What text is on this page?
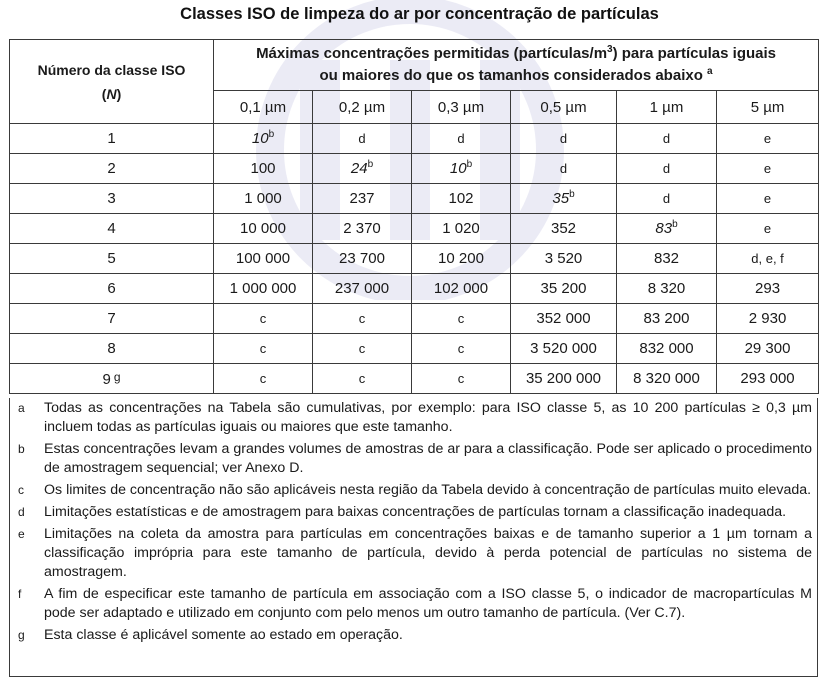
Classes ISO de limpeza do ar por concentração de partículas
Número da classe ISO
(N)	Máximas concentrações permitidas $(partículas/m^3)$ para partículas iguais
ou maiores do que os tamanhos considerados abaixo $^a$
	0,1 µm	0,2 µm	0,3 µm	0,5 µm	1 µm	5 µm
1	10$^b$	d	d	d	d	e
2	100	24$^b$	10$^b$	d	d	e
3	1 000	237	102	35$^b$	d	e
4	10 000	2 370	1 020	352	83$^b$	e
5	100 000	23 700	10 200	3 520	832	d, e, f
6	1 000 000	237 000	102 000	35 200	8 320	293
7	c	c	c	352 000	83 200	2 930
8	c	c	c	3 520 000	832 000	29 300
9 $^g$	c	c	c	35 200 000	8 320 000	293 000
a	Todas as concentrações na Tabela são cumulativas, por exemplo: para ISO classe 5, as 10 200 partículas ≥ 0,3 µm incluem todas as partículas iguais ou maiores que este tamanho.
b	Estas concentrações levam a grandes volumes de amostras de ar para a classificação. Pode ser aplicado o procedimento de amostragem sequencial; ver Anexo D.
c	Os limites de concentração não são aplicáveis nesta região da Tabela devido à concentração de partículas muito elevada.
d	Limitações estatísticas e de amostragem para baixas concentrações de partículas tornam a classificação inadequada.
e	Limitações na coleta da amostra para partículas em concentrações baixas e de tamanho superior a 1 µm tornam a classificação imprópria para este tamanho de partícula, devido à perda potencial de partículas no sistema de amostragem.
f	A fim de especificar este tamanho de partícula em associação com a ISO classe 5, o indicador de macropartículas M pode ser adaptado e utilizado em conjunto com pelo menos um outro tamanho de partícula. (Ver C.7).
g	Esta classe é aplicável somente ao estado em operação.
